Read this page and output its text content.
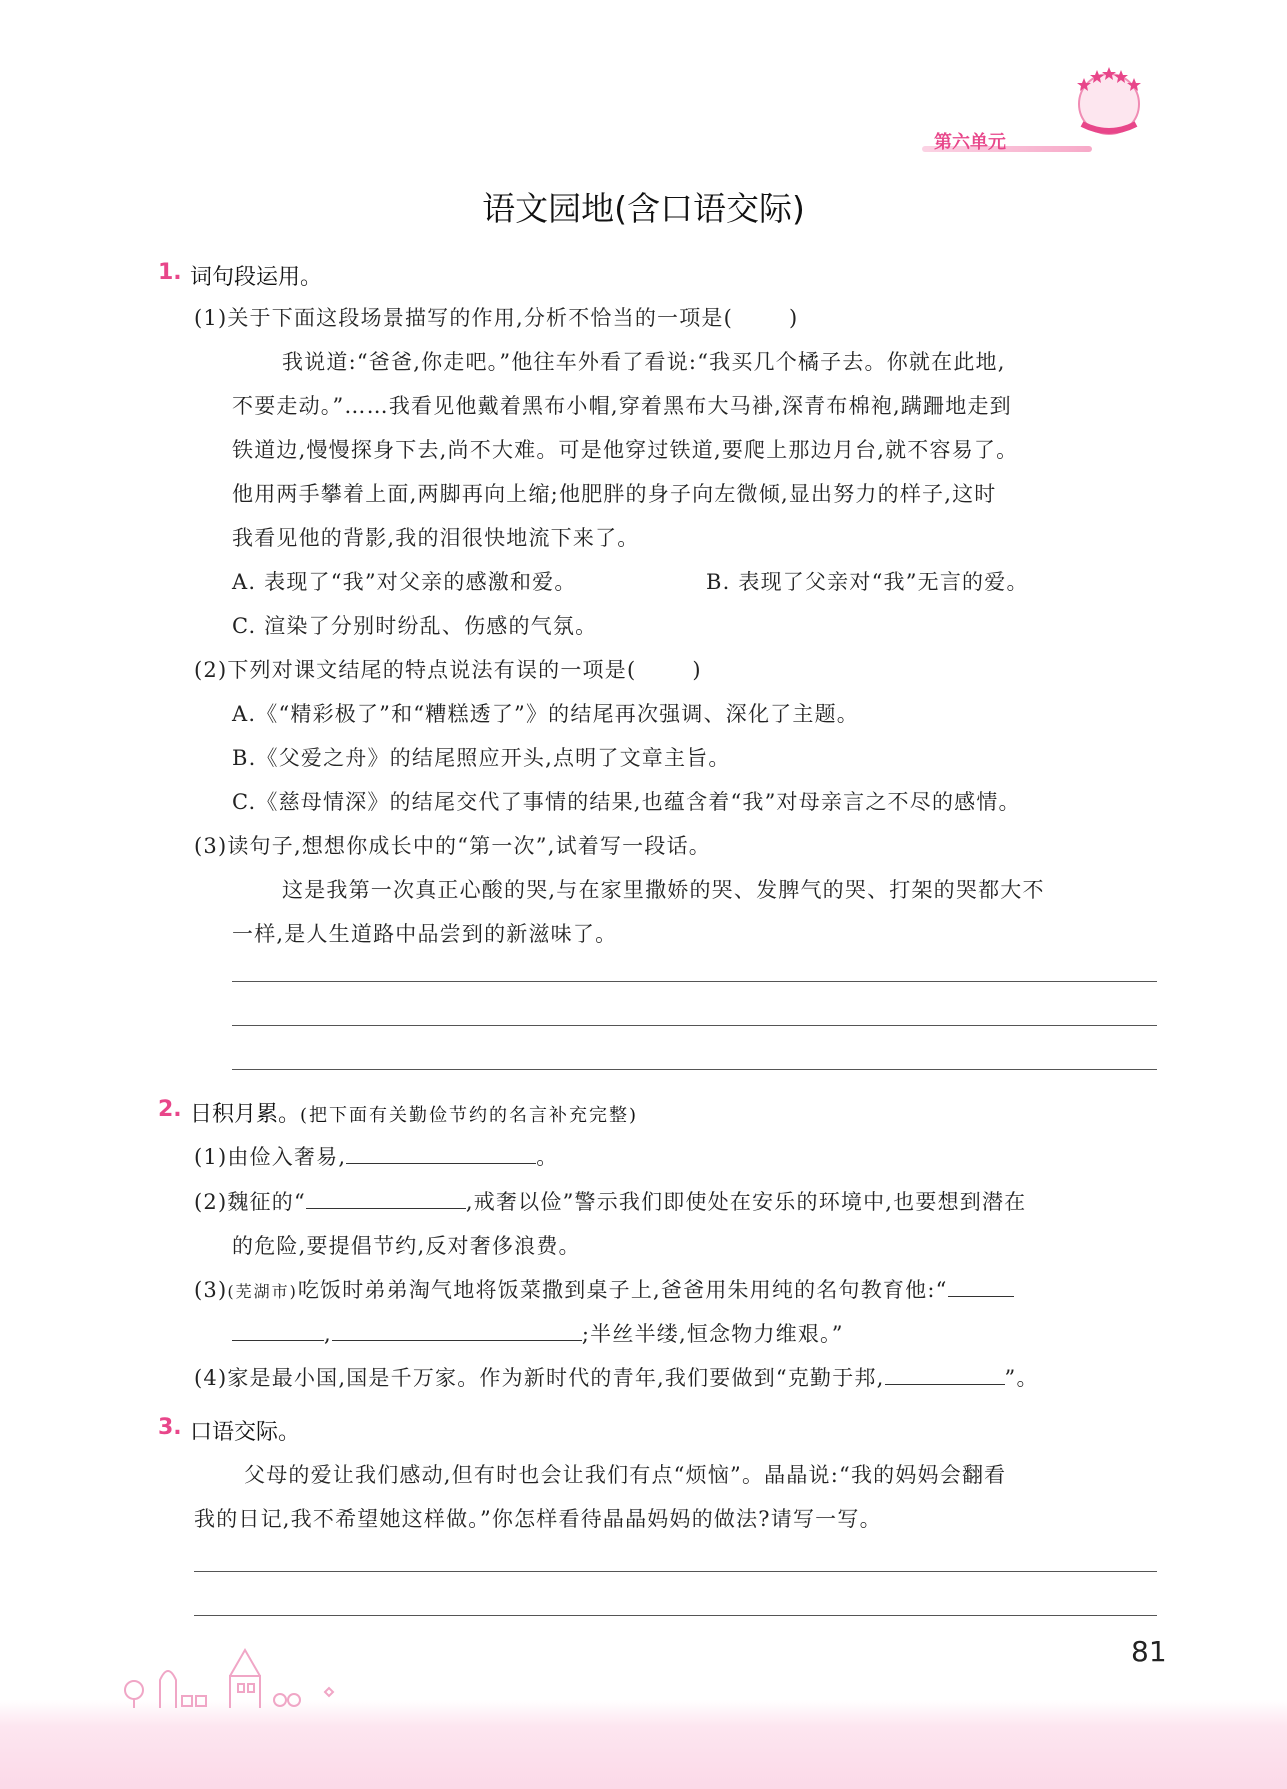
第六单元
语文园地(含口语交际)
1. 词句段运用。
(1)关于下面这段场景描写的作用,分析不恰当的一项是(	)
我说道:“爸爸,你走吧。”他往车外看了看说:“我买几个橘子去。你就在此地,
不要走动。”……我看见他戴着黑布小帽,穿着黑布大马褂,深青布棉袍,蹒跚地走到
铁道边,慢慢探身下去,尚不大难。可是他穿过铁道,要爬上那边月台,就不容易了。
他用两手攀着上面,两脚再向上缩;他肥胖的身子向左微倾,显出努力的样子,这时
我看见他的背影,我的泪很快地流下来了。
A. 表现了“我”对父亲的感激和爱。	B. 表现了父亲对“我”无言的爱。
C. 渲染了分别时纷乱、伤感的气氛。
(2)下列对课文结尾的特点说法有误的一项是(	)
A.《“精彩极了”和“糟糕透了”》的结尾再次强调、深化了主题。
B.《父爱之舟》的结尾照应开头,点明了文章主旨。
C.《慈母情深》的结尾交代了事情的结果,也蕴含着“我”对母亲言之不尽的感情。
(3)读句子,想想你成长中的“第一次”,试着写一段话。
这是我第一次真正心酸的哭,与在家里撒娇的哭、发脾气的哭、打架的哭都大不
一样,是人生道路中品尝到的新滋味了。
2. 日积月累。(把下面有关勤俭节约的名言补充完整)
(1)由俭入奢易,	。
(2)魏征的“	,戒奢以俭”警示我们即使处在安乐的环境中,也要想到潜在
的危险,要提倡节约,反对奢侈浪费。
(3)(芜湖市)吃饭时弟弟淘气地将饭菜撒到桌子上,爸爸用朱用纯的名句教育他:“
,	;半丝半缕,恒念物力维艰。”
(4)家是最小国,国是千万家。作为新时代的青年,我们要做到“克勤于邦,	”。
3. 口语交际。
父母的爱让我们感动,但有时也会让我们有点“烦恼”。晶晶说:“我的妈妈会翻看
我的日记,我不希望她这样做。”你怎样看待晶晶妈妈的做法?请写一写。
81
